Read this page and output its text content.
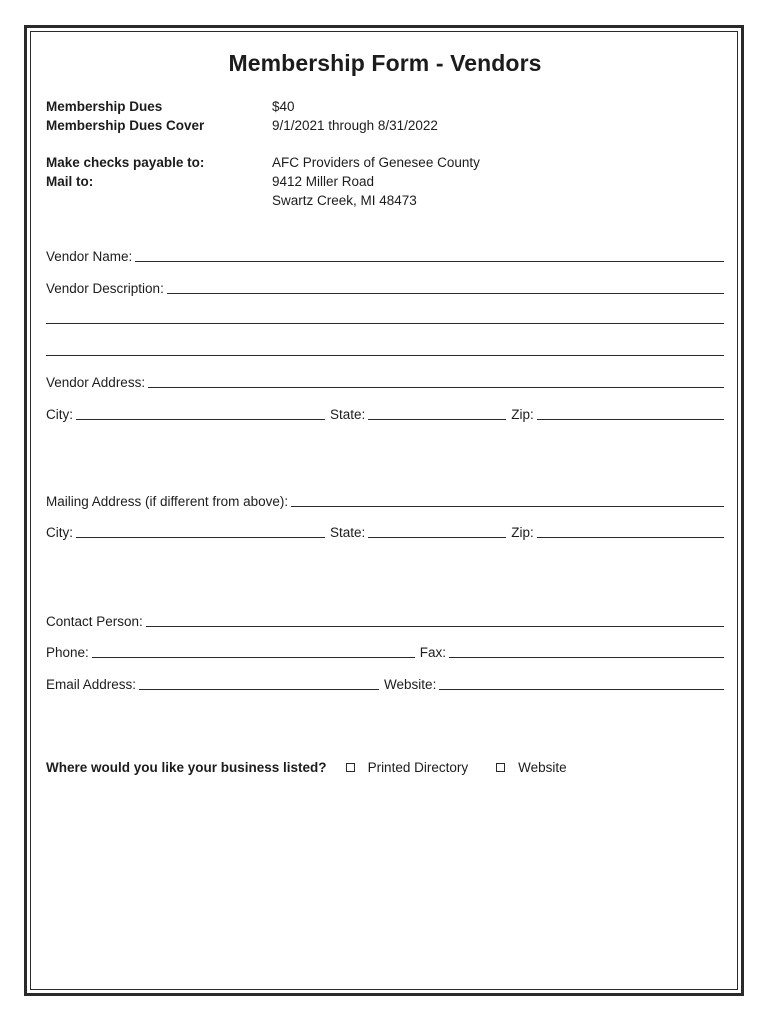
Membership Form - Vendors
Membership Dues	$40
Membership Dues Cover	9/1/2021 through 8/31/2022
Make checks payable to:	AFC Providers of Genesee County
Mail to:	9412 Miller Road
Swartz Creek, MI 48473
Vendor Name:
Vendor Description:
Vendor Address:
City:	State:	Zip:
Mailing Address (if different from above):
City:	State:	Zip:
Contact Person:
Phone:	Fax:
Email Address:	Website:
Where would you like your business listed?	Printed Directory	Website
